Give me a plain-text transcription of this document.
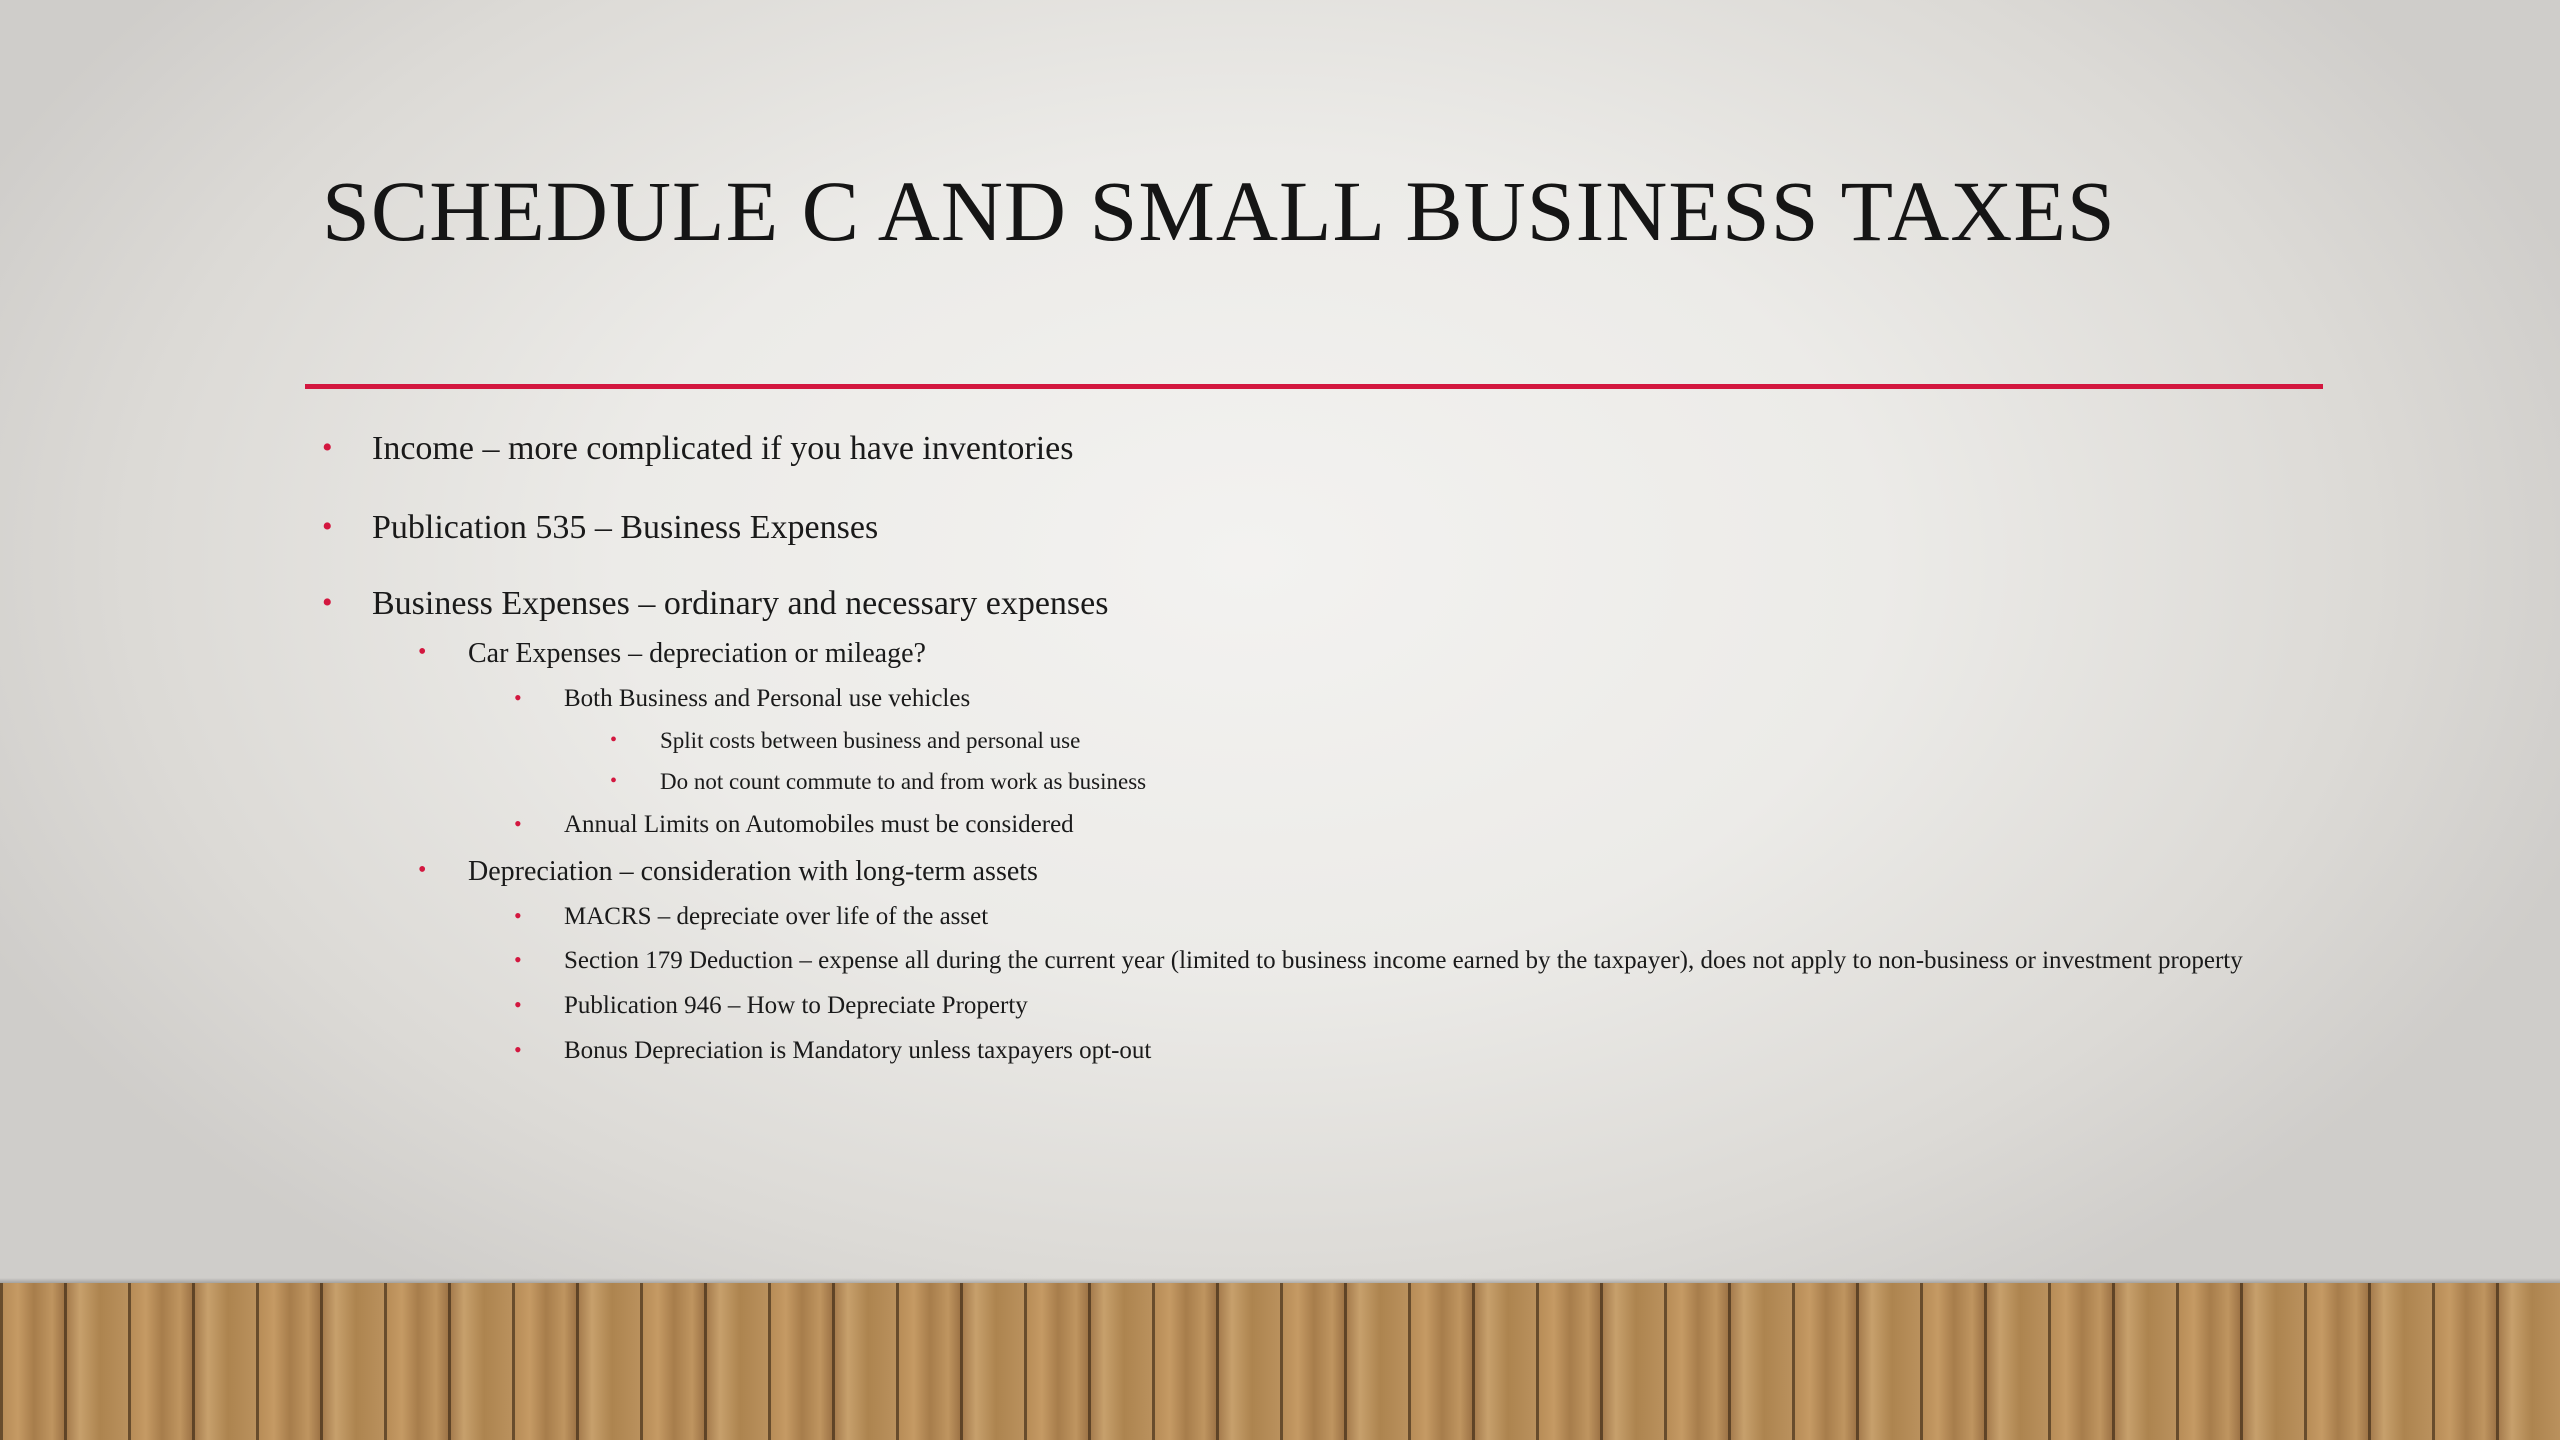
SCHEDULE C AND SMALL BUSINESS TAXES
• Income – more complicated if you have inventories
• Publication 535 – Business Expenses
• Business Expenses – ordinary and necessary expenses
• Car Expenses – depreciation or mileage?
• Both Business and Personal use vehicles
• Split costs between business and personal use
• Do not count commute to and from work as business
• Annual Limits on Automobiles must be considered
• Depreciation – consideration with long-term assets
• MACRS – depreciate over life of the asset
• Section 179 Deduction – expense all during the current year (limited to business income earned by the taxpayer), does not apply to non-business or investment property
• Publication 946 – How to Depreciate Property
• Bonus Depreciation is Mandatory unless taxpayers opt-out
